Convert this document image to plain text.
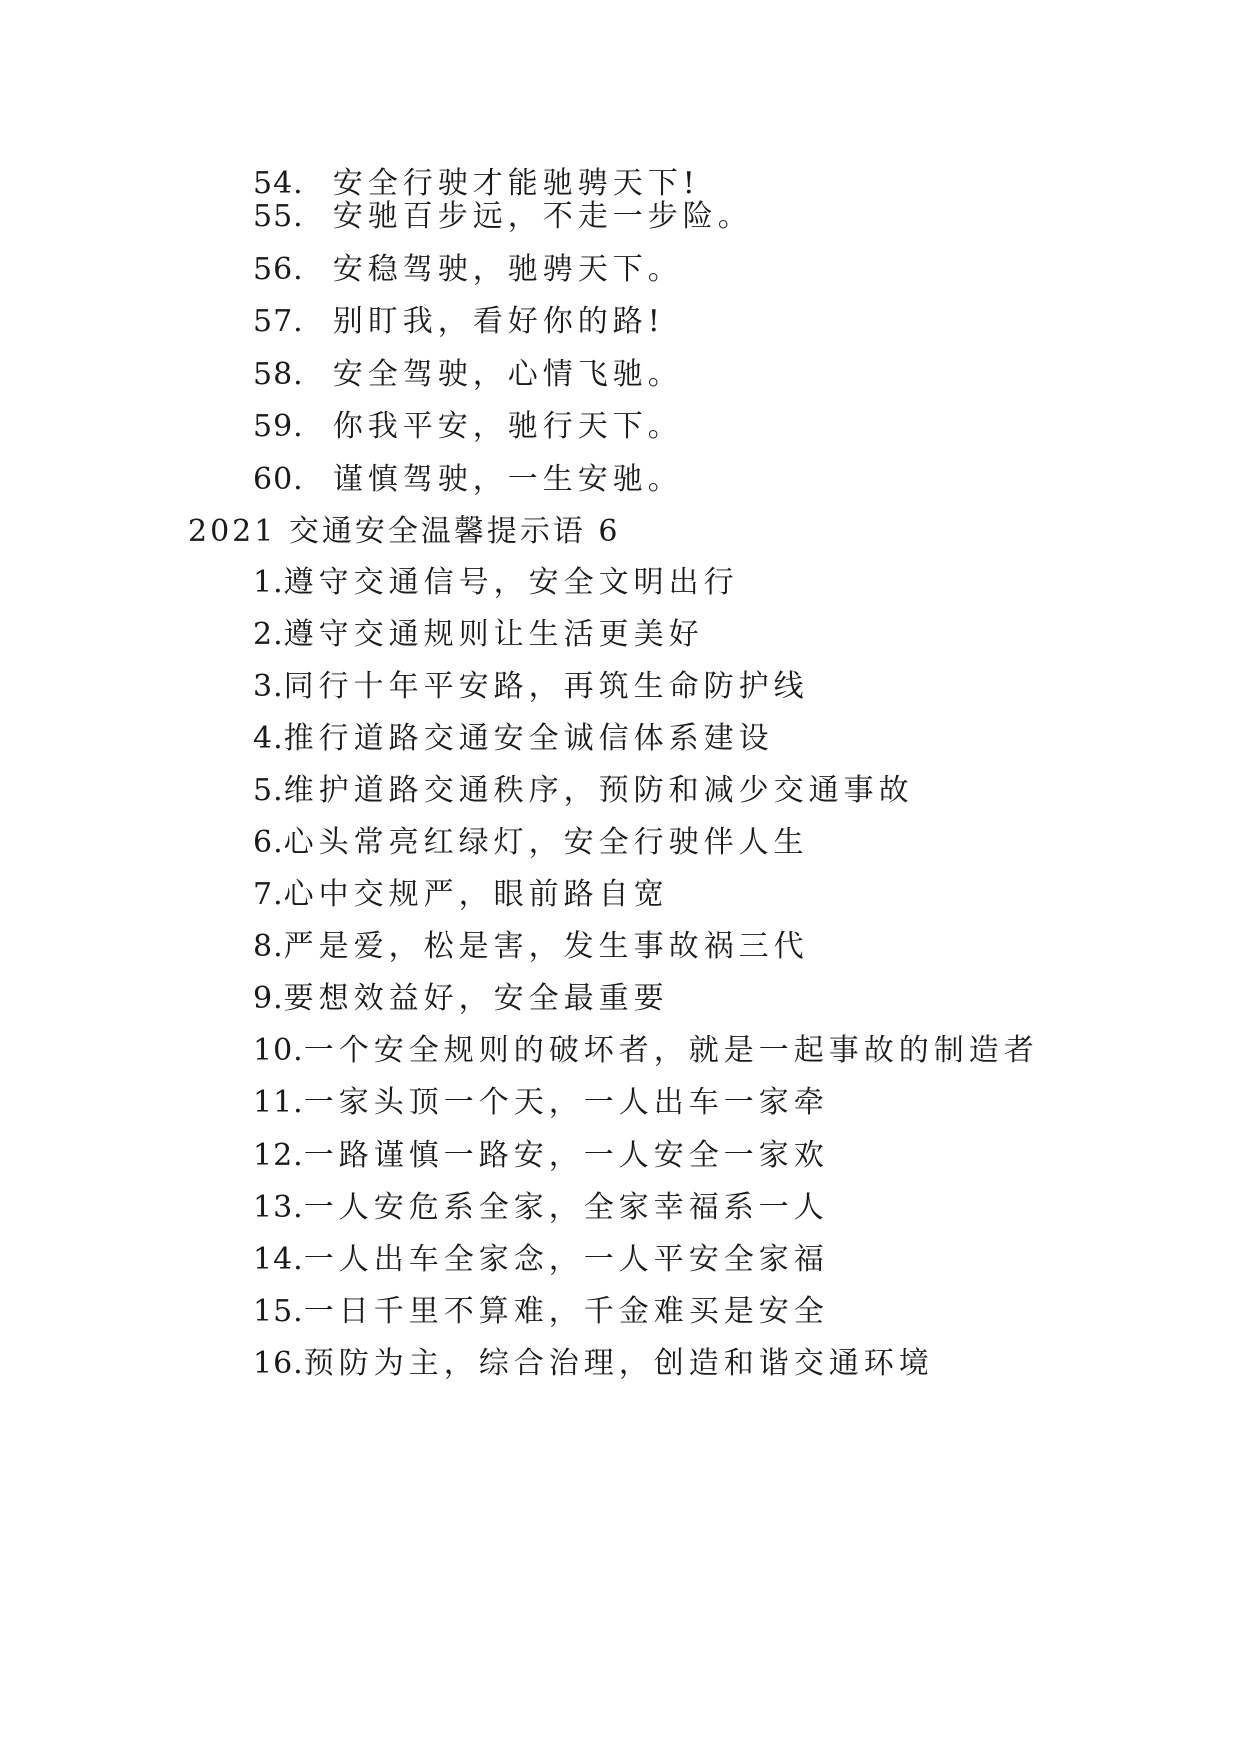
54. 安全行驶才能驰骋天下!
55. 安驰百步远，不走一步险。
56. 安稳驾驶，驰骋天下。
57. 别盯我，看好你的路!
58. 安全驾驶，心情飞驰。
59. 你我平安，驰行天下。
60. 谨慎驾驶，一生安驰。
2021 交通安全温馨提示语 6
1.遵守交通信号，安全文明出行
2.遵守交通规则让生活更美好
3.同行十年平安路，再筑生命防护线
4.推行道路交通安全诚信体系建设
5.维护道路交通秩序，预防和减少交通事故
6.心头常亮红绿灯，安全行驶伴人生
7.心中交规严，眼前路自宽
8.严是爱，松是害，发生事故祸三代
9.要想效益好，安全最重要
10.一个安全规则的破坏者，就是一起事故的制造者
11.一家头顶一个天，一人出车一家牵
12.一路谨慎一路安，一人安全一家欢
13.一人安危系全家，全家幸福系一人
14.一人出车全家念，一人平安全家福
15.一日千里不算难，千金难买是安全
16.预防为主，综合治理，创造和谐交通环境
